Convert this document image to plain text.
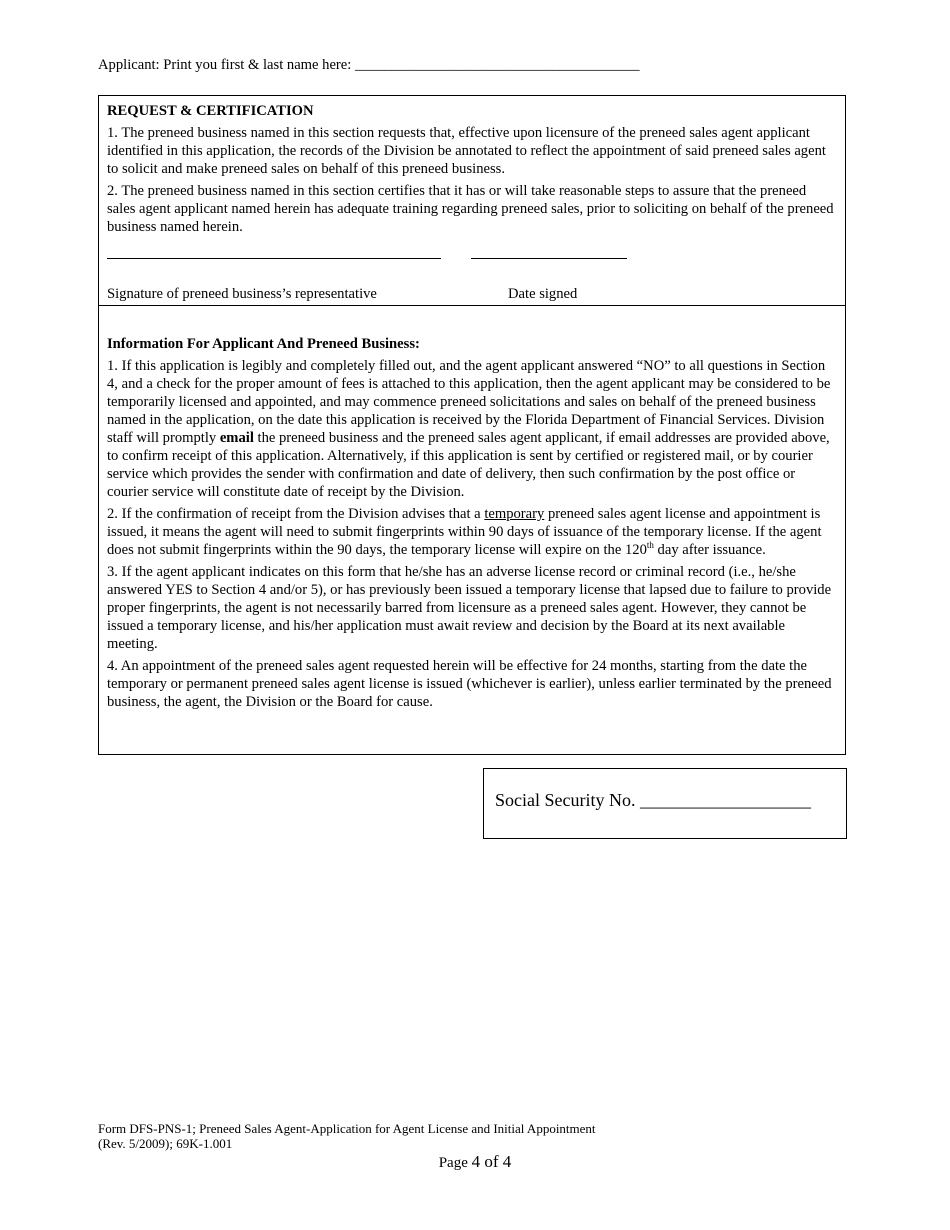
Applicant: Print you first & last name here: _______________________________________
REQUEST & CERTIFICATION

1. The preneed business named in this section requests that, effective upon licensure of the preneed sales agent applicant identified in this application, the records of the Division be annotated to reflect the appointment of said preneed sales agent to solicit and make preneed sales on behalf of this preneed business.

2. The preneed business named in this section certifies that it has or will take reasonable steps to assure that the preneed sales agent applicant named herein has adequate training regarding preneed sales, prior to soliciting on behalf of the preneed business named herein.

Signature of preneed business’s representative	Date signed
Information For Applicant And Preneed Business:

1. If this application is legibly and completely filled out, and the agent applicant answered “NO” to all questions in Section 4, and a check for the proper amount of fees is attached to this application, then the agent applicant may be considered to be temporarily licensed and appointed, and may commence preneed solicitations and sales on behalf of the preneed business named in the application, on the date this application is received by the Florida Department of Financial Services. Division staff will promptly email the preneed business and the preneed sales agent applicant, if email addresses are provided above, to confirm receipt of this application. Alternatively, if this application is sent by certified or registered mail, or by courier service which provides the sender with confirmation and date of delivery, then such confirmation by the post office or courier service will constitute date of receipt by the Division.

2. If the confirmation of receipt from the Division advises that a temporary preneed sales agent license and appointment is issued, it means the agent will need to submit fingerprints within 90 days of issuance of the temporary license. If the agent does not submit fingerprints within the 90 days, the temporary license will expire on the 120th day after issuance.

3. If the agent applicant indicates on this form that he/she has an adverse license record or criminal record (i.e., he/she answered YES to Section 4 and/or 5), or has previously been issued a temporary license that lapsed due to failure to provide proper fingerprints, the agent is not necessarily barred from licensure as a preneed sales agent. However, they cannot be issued a temporary license, and his/her application must await review and decision by the Board at its next available meeting.

4. An appointment of the preneed sales agent requested herein will be effective for 24 months, starting from the date the temporary or permanent preneed sales agent license is issued (whichever is earlier), unless earlier terminated by the preneed business, the agent, the Division or the Board for cause.

Social Security No. ___________________
Form DFS-PNS-1; Preneed Sales Agent-Application for Agent License and Initial Appointment
(Rev. 5/2009); 69K-1.001
Page 4 of 4
